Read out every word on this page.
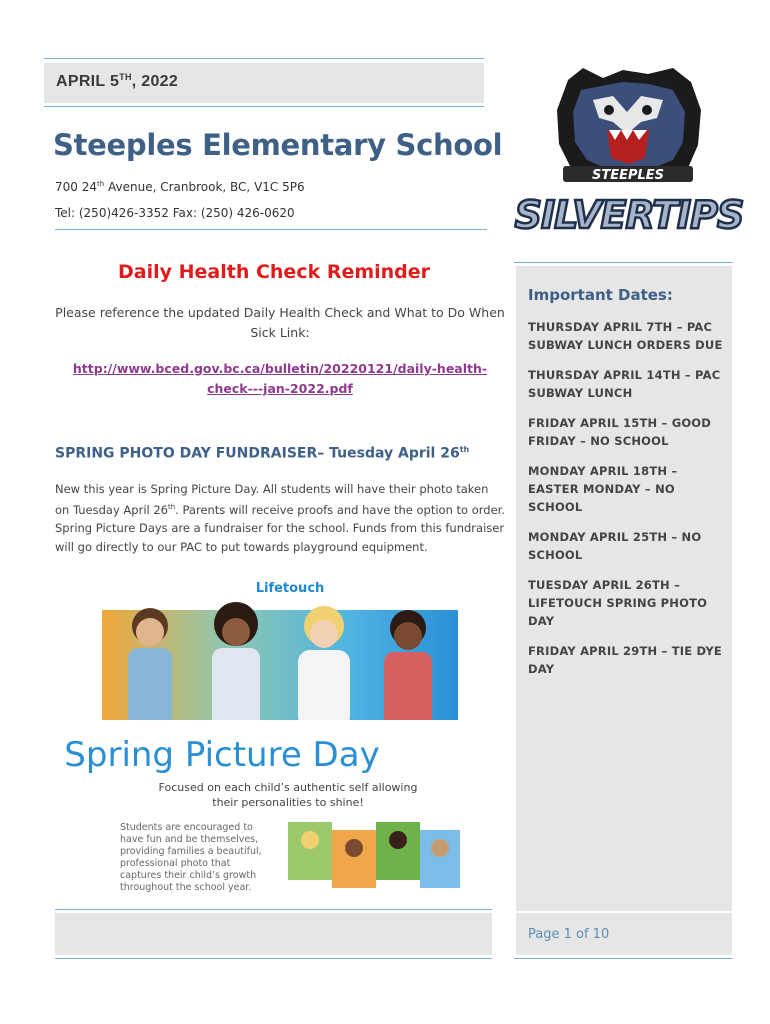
APRIL 5TH, 2022
Steeples Elementary School
700 24th Avenue, Cranbrook, BC, V1C 5P6
Tel: (250)426-3352 Fax: (250) 426-0620
STEEPLES
SILVERTIPS
Daily Health Check Reminder
Please reference the updated Daily Health Check and What to Do When Sick Link:
http://www.bced.gov.bc.ca/bulletin/20220121/daily-health-check---jan-2022.pdf
SPRING PHOTO DAY FUNDRAISER– Tuesday April 26th
New this year is Spring Picture Day. All students will have their photo taken on Tuesday April 26th. Parents will receive proofs and have the option to order. Spring Picture Days are a fundraiser for the school. Funds from this fundraiser will go directly to our PAC to put towards playground equipment.
Lifetouch
Spring Picture Day
Focused on each child’s authentic self allowing
their personalities to shine!
Students are encouraged to
have fun and be themselves,
providing families a beautiful,
professional photo that
captures their child’s growth
throughout the school year.
Important Dates:
THURSDAY APRIL 7TH – PAC SUBWAY LUNCH ORDERS DUE
THURSDAY APRIL 14TH – PAC SUBWAY LUNCH
FRIDAY APRIL 15TH – GOOD FRIDAY – NO SCHOOL
MONDAY APRIL 18TH – EASTER MONDAY – NO SCHOOL
MONDAY APRIL 25TH – NO SCHOOL
TUESDAY APRIL 26TH – LIFETOUCH SPRING PHOTO DAY
FRIDAY APRIL 29TH – TIE DYE DAY
Page 1 of 10
